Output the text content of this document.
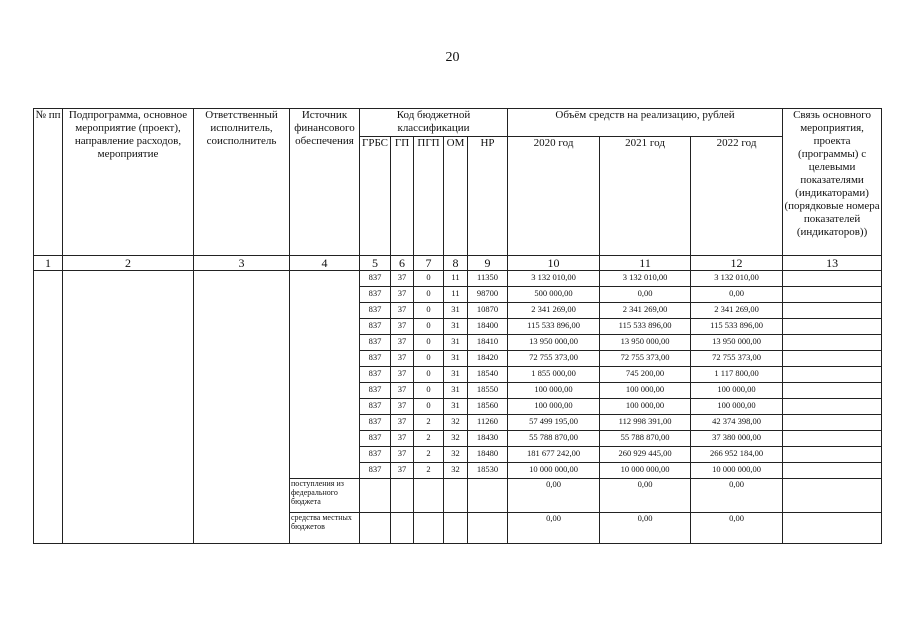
20
№ пп	Подпрограмма, основное мероприятие (проект), направление расходов, мероприятие	Ответственный исполнитель, соисполнитель	Источник финансового обеспечения	Код бюджетной классификации					Объём средств на реализацию, рублей			Связь основного мероприятия, проекта (программы) с целевыми показателями (индикаторами) (порядковые номера показателей (индикаторов))
				ГРБС	ГП	ПГП	ОМ	НР	2020 год	2021 год	2022 год	
1	2	3	4	5	6	7	8	9	10	11	12	13
				837	37	0	11	11350	3 132 010,00	3 132 010,00	3 132 010,00	
				837	37	0	11	98700	500 000,00	0,00	0,00	
				837	37	0	31	10870	2 341 269,00	2 341 269,00	2 341 269,00	
				837	37	0	31	18400	115 533 896,00	115 533 896,00	115 533 896,00	
				837	37	0	31	18410	13 950 000,00	13 950 000,00	13 950 000,00	
				837	37	0	31	18420	72 755 373,00	72 755 373,00	72 755 373,00	
				837	37	0	31	18540	1 855 000,00	745 200,00	1 117 800,00	
				837	37	0	31	18550	100 000,00	100 000,00	100 000,00	
				837	37	0	31	18560	100 000,00	100 000,00	100 000,00	
				837	37	2	32	11260	57 499 195,00	112 998 391,00	42 374 398,00	
				837	37	2	32	18430	55 788 870,00	55 788 870,00	37 380 000,00	
				837	37	2	32	18480	181 677 242,00	260 929 445,00	266 952 184,00	
				837	37	2	32	18530	10 000 000,00	10 000 000,00	10 000 000,00	
			поступления из федерального бюджета						0,00	0,00	0,00	
			средства местных бюджетов						0,00	0,00	0,00	
